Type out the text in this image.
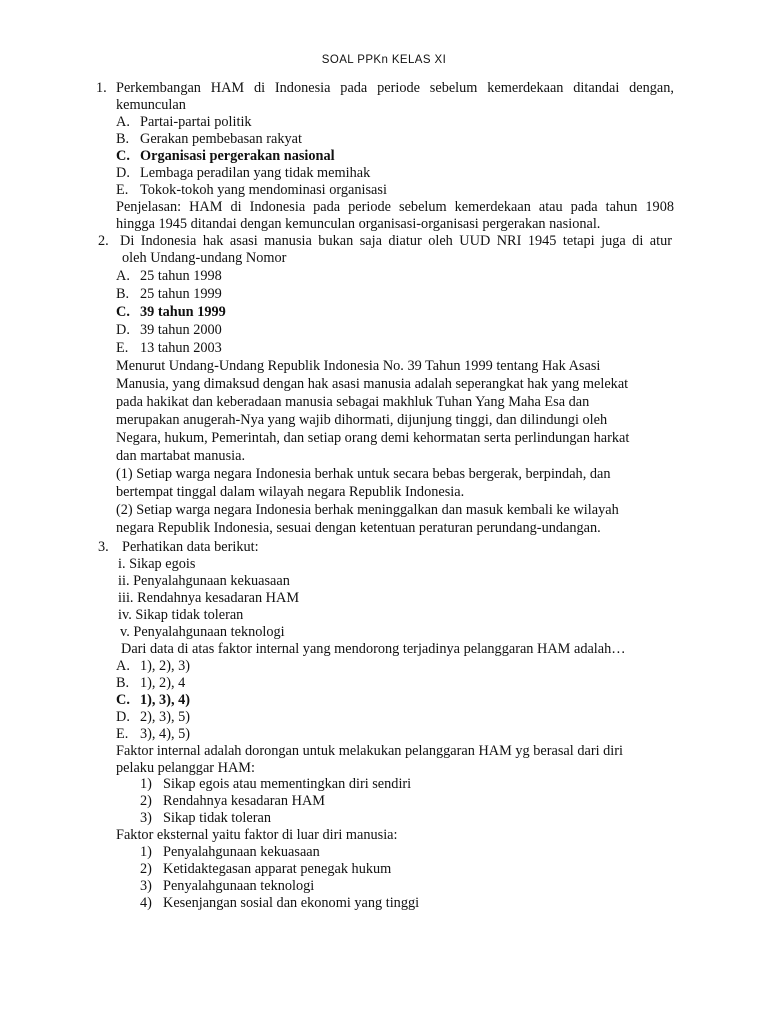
SOAL PPKn KELAS XI
1. Perkembangan HAM di Indonesia pada periode sebelum kemerdekaan ditandai dengan,
kemunculan
A. Partai-partai politik
B. Gerakan pembebasan rakyat
C. Organisasi pergerakan nasional
D. Lembaga peradilan yang tidak memihak
E. Tokok-tokoh yang mendominasi organisasi
Penjelasan: HAM di Indonesia pada periode sebelum kemerdekaan atau pada tahun 1908
hingga 1945 ditandai dengan kemunculan organisasi-organisasi pergerakan nasional.
2. Di Indonesia hak asasi manusia bukan saja diatur oleh UUD NRI 1945 tetapi juga di atur
oleh Undang-undang Nomor
A. 25 tahun 1998
B. 25 tahun 1999
C. 39 tahun 1999
D. 39 tahun 2000
E. 13 tahun 2003
Menurut Undang-Undang Republik Indonesia No. 39 Tahun 1999 tentang Hak Asasi
Manusia, yang dimaksud dengan hak asasi manusia adalah seperangkat hak yang melekat
pada hakikat dan keberadaan manusia sebagai makhluk Tuhan Yang Maha Esa dan
merupakan anugerah-Nya yang wajib dihormati, dijunjung tinggi, dan dilindungi oleh
Negara, hukum, Pemerintah, dan setiap orang demi kehormatan serta perlindungan harkat
dan martabat manusia.
(1) Setiap warga negara Indonesia berhak untuk secara bebas bergerak, berpindah, dan
bertempat tinggal dalam wilayah negara Republik Indonesia.
(2) Setiap warga negara Indonesia berhak meninggalkan dan masuk kembali ke wilayah
negara Republik Indonesia, sesuai dengan ketentuan peraturan perundang-undangan.
3. Perhatikan data berikut:
i. Sikap egois
ii. Penyalahgunaan kekuasaan
iii. Rendahnya kesadaran HAM
iv. Sikap tidak toleran
v. Penyalahgunaan teknologi
Dari data di atas faktor internal yang mendorong terjadinya pelanggaran HAM adalah…
A. 1), 2), 3)
B. 1), 2), 4
C. 1), 3), 4)
D. 2), 3), 5)
E. 3), 4), 5)
Faktor internal adalah dorongan untuk melakukan pelanggaran HAM yg berasal dari diri
pelaku pelanggar HAM:
1) Sikap egois atau mementingkan diri sendiri
2) Rendahnya kesadaran HAM
3) Sikap tidak toleran
Faktor eksternal yaitu faktor di luar diri manusia:
1) Penyalahgunaan kekuasaan
2) Ketidaktegasan apparat penegak hukum
3) Penyalahgunaan teknologi
4) Kesenjangan sosial dan ekonomi yang tinggi
